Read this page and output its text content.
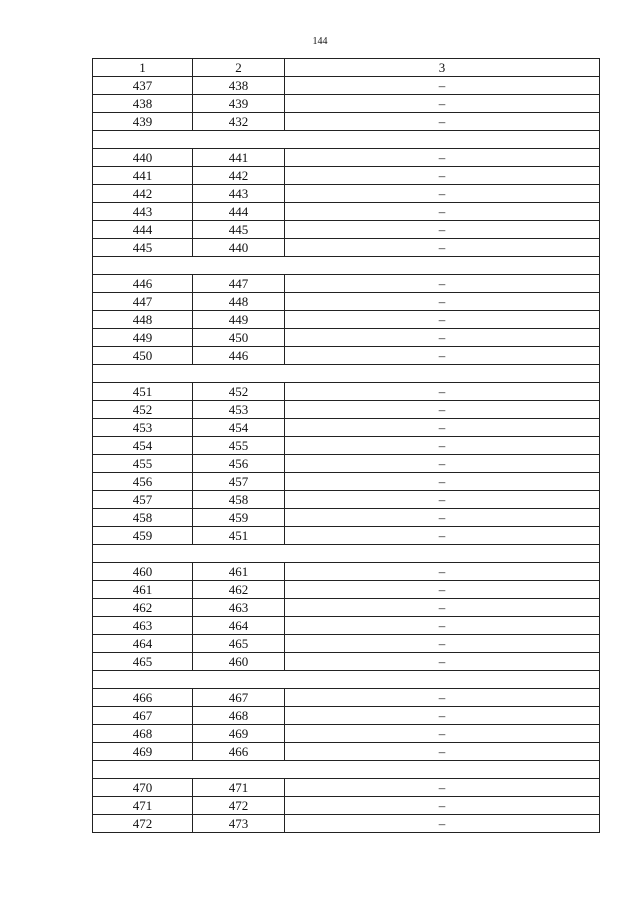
144
1	2	3
437	438	–
438	439	–
439	432	–

440	441	–
441	442	–
442	443	–
443	444	–
444	445	–
445	440	–

446	447	–
447	448	–
448	449	–
449	450	–
450	446	–

451	452	–
452	453	–
453	454	–
454	455	–
455	456	–
456	457	–
457	458	–
458	459	–
459	451	–

460	461	–
461	462	–
462	463	–
463	464	–
464	465	–
465	460	–

466	467	–
467	468	–
468	469	–
469	466	–

470	471	–
471	472	–
472	473	–
